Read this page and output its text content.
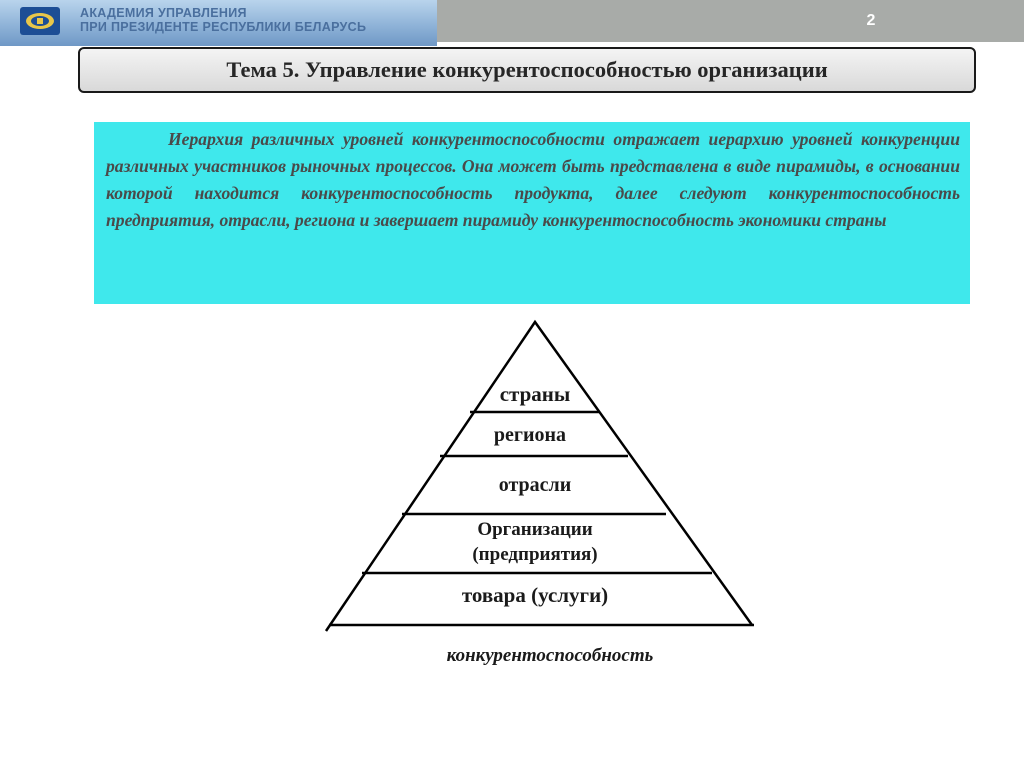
АКАДЕМИЯ УПРАВЛЕНИЯ
ПРИ ПРЕЗИДЕНТЕ РЕСПУБЛИКИ БЕЛАРУСЬ	2
Тема 5. Управление конкурентоспособностью организации
Иерархия различных уровней конкурентоспособности отражает иерархию уровней конкуренции различных участников рыночных процессов. Она может быть представлена в виде пирамиды, в основании которой находится конкурентоспособность продукта, далее следуют конкурентоспособность предприятия, отрасли, региона и завершает пирамиду конкурентоспособность экономики страны
страны
региона
отрасли
Организации
(предприятия)
товара (услуги)
конкурентоспособность
